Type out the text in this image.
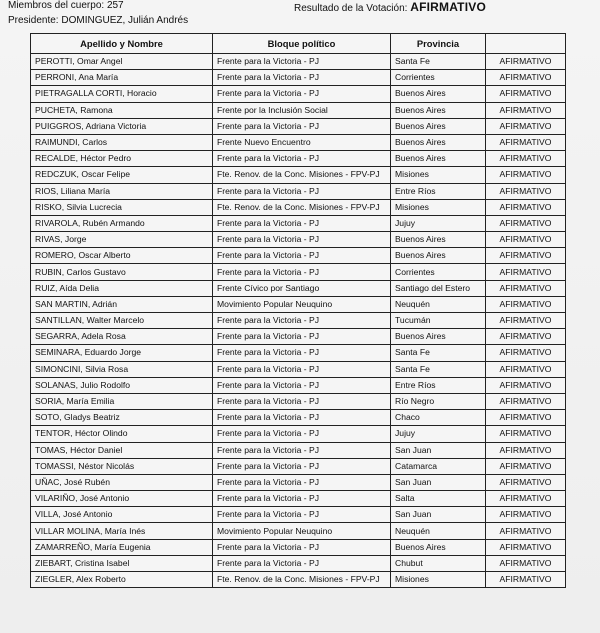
Miembros del cuerpo: 257
Presidente: DOMINGUEZ, Julián Andrés
Resultado de la Votación: AFIRMATIVO
Apellido y Nombre	Bloque político	Provincia	
PEROTTI, Omar Angel	Frente para la Victoria - PJ	Santa Fe	AFIRMATIVO
PERRONI, Ana María	Frente para la Victoria - PJ	Corrientes	AFIRMATIVO
PIETRAGALLA CORTI, Horacio	Frente para la Victoria - PJ	Buenos Aires	AFIRMATIVO
PUCHETA, Ramona	Frente por la Inclusión Social	Buenos Aires	AFIRMATIVO
PUIGGROS, Adriana Victoria	Frente para la Victoria - PJ	Buenos Aires	AFIRMATIVO
RAIMUNDI, Carlos	Frente Nuevo Encuentro	Buenos Aires	AFIRMATIVO
RECALDE, Héctor Pedro	Frente para la Victoria - PJ	Buenos Aires	AFIRMATIVO
REDCZUK, Oscar Felipe	Fte. Renov. de la Conc. Misiones - FPV-PJ	Misiones	AFIRMATIVO
RIOS, Liliana María	Frente para la Victoria - PJ	Entre Ríos	AFIRMATIVO
RISKO, Silvia Lucrecia	Fte. Renov. de la Conc. Misiones - FPV-PJ	Misiones	AFIRMATIVO
RIVAROLA, Rubén Armando	Frente para la Victoria - PJ	Jujuy	AFIRMATIVO
RIVAS, Jorge	Frente para la Victoria - PJ	Buenos Aires	AFIRMATIVO
ROMERO, Oscar Alberto	Frente para la Victoria - PJ	Buenos Aires	AFIRMATIVO
RUBIN, Carlos Gustavo	Frente para la Victoria - PJ	Corrientes	AFIRMATIVO
RUIZ, Aída Delia	Frente Cívico por Santiago	Santiago del Estero	AFIRMATIVO
SAN MARTIN, Adrián	Movimiento Popular Neuquino	Neuquén	AFIRMATIVO
SANTILLAN, Walter Marcelo	Frente para la Victoria - PJ	Tucumán	AFIRMATIVO
SEGARRA, Adela Rosa	Frente para la Victoria - PJ	Buenos Aires	AFIRMATIVO
SEMINARA, Eduardo Jorge	Frente para la Victoria - PJ	Santa Fe	AFIRMATIVO
SIMONCINI, Silvia Rosa	Frente para la Victoria - PJ	Santa Fe	AFIRMATIVO
SOLANAS, Julio Rodolfo	Frente para la Victoria - PJ	Entre Ríos	AFIRMATIVO
SORIA, María Emilia	Frente para la Victoria - PJ	Río Negro	AFIRMATIVO
SOTO, Gladys Beatriz	Frente para la Victoria - PJ	Chaco	AFIRMATIVO
TENTOR, Héctor Olindo	Frente para la Victoria - PJ	Jujuy	AFIRMATIVO
TOMAS, Héctor Daniel	Frente para la Victoria - PJ	San Juan	AFIRMATIVO
TOMASSI, Néstor Nicolás	Frente para la Victoria - PJ	Catamarca	AFIRMATIVO
UÑAC, José Rubén	Frente para la Victoria - PJ	San Juan	AFIRMATIVO
VILARIÑO, José Antonio	Frente para la Victoria - PJ	Salta	AFIRMATIVO
VILLA, José Antonio	Frente para la Victoria - PJ	San Juan	AFIRMATIVO
VILLAR MOLINA, María Inés	Movimiento Popular Neuquino	Neuquén	AFIRMATIVO
ZAMARREÑO, María Eugenia	Frente para la Victoria - PJ	Buenos Aires	AFIRMATIVO
ZIEBART, Cristina Isabel	Frente para la Victoria - PJ	Chubut	AFIRMATIVO
ZIEGLER, Alex Roberto	Fte. Renov. de la Conc. Misiones - FPV-PJ	Misiones	AFIRMATIVO
